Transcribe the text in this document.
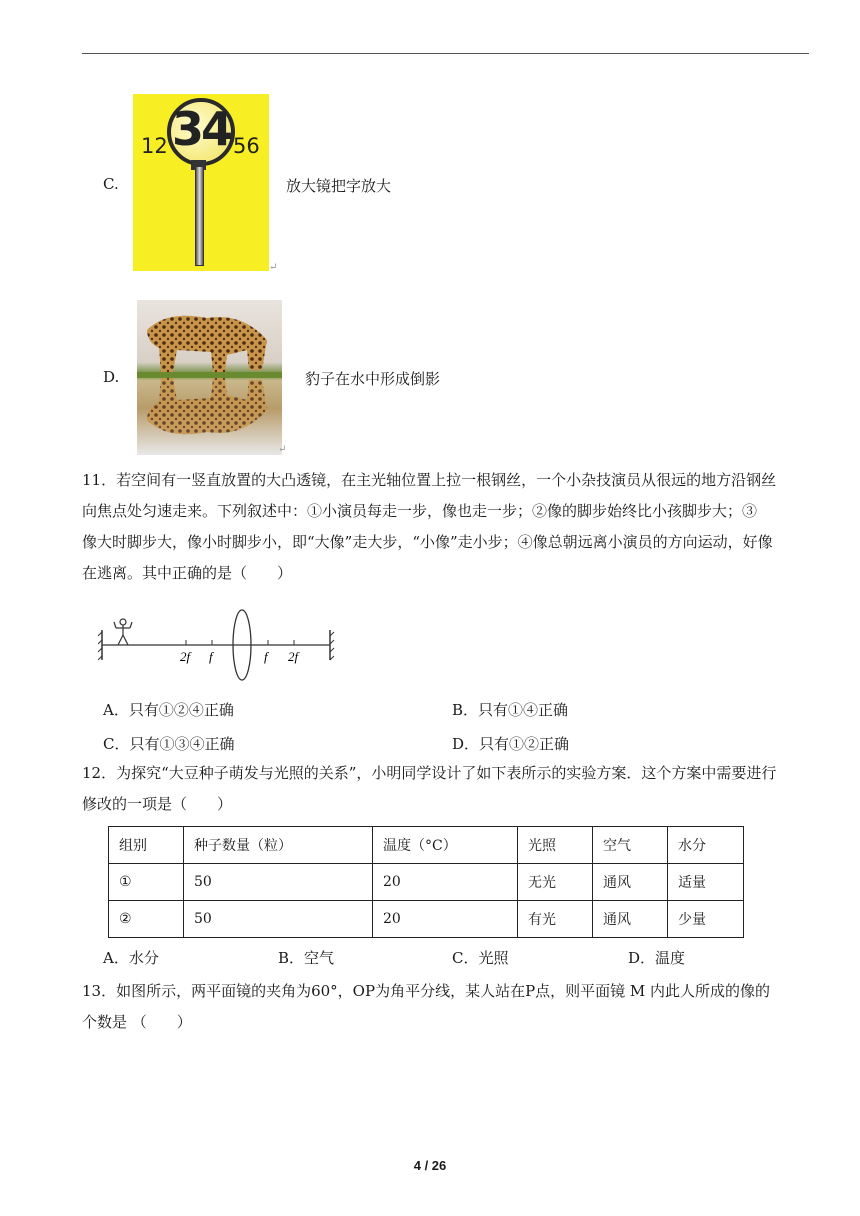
C.
12 34 56
↵
放大镜把字放大
D.
↵
豹子在水中形成倒影
11．若空间有一竖直放置的大凸透镜，在主光轴位置上拉一根钢丝，一个小杂技演员从很远的地方沿钢丝
向焦点处匀速走来。下列叙述中：①小演员每走一步，像也走一步；②像的脚步始终比小孩脚步大；③
像大时脚步大，像小时脚步小，即“大像”走大步，“小像”走小步；④像总朝远离小演员的方向运动，好像
在逃离。其中正确的是（　　）
2f f	f 2f
A．只有①②④正确	B．只有①④正确
C．只有①③④正确	D．只有①②正确
12．为探究“大豆种子萌发与光照的关系”，小明同学设计了如下表所示的实验方案．这个方案中需要进行
修改的一项是（　　）
组别	种子数量（粒）	温度（°C）	光照	空气	水分
①	50	20	无光	通风	适量
②	50	20	有光	通风	少量
A．水分	B．空气	C．光照	D．温度
13．如图所示，两平面镜的夹角为60°，OP为角平分线，某人站在P点，则平面镜 M 内此人所成的像的
个数是 （　　）
4 / 26
